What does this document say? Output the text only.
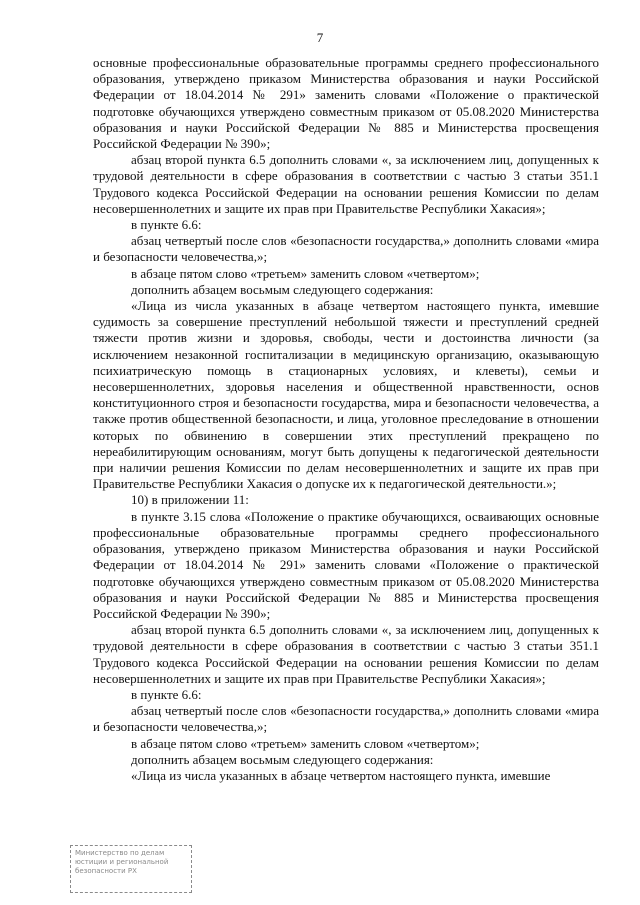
7

основные профессиональные образовательные программы среднего профессионального образования, утверждено приказом Министерства образования и науки Российской Федерации от 18.04.2014 № 291» заменить словами «Положение о практической подготовке обучающихся утверждено совместным приказом от 05.08.2020 Министерства образования и науки Российской Федерации № 885 и Министерства просвещения Российской Федерации № 390»;

абзац второй пункта 6.5 дополнить словами «, за исключением лиц, допущенных к трудовой деятельности в сфере образования в соответствии с частью 3 статьи 351.1 Трудового кодекса Российской Федерации на основании решения Комиссии по делам несовершеннолетних и защите их прав при Правительстве Республики Хакасия»;

в пункте 6.6:

абзац четвертый после слов «безопасности государства,» дополнить словами «мира и безопасности человечества,»;

в абзаце пятом слово «третьем» заменить словом «четвертом»;

дополнить абзацем восьмым следующего содержания:

«Лица из числа указанных в абзаце четвертом настоящего пункта, имевшие судимость за совершение преступлений небольшой тяжести и преступлений средней тяжести против жизни и здоровья, свободы, чести и достоинства личности (за исключением незаконной госпитализации в медицинскую организацию, оказывающую психиатрическую помощь в стационарных условиях, и клеветы), семьи и несовершеннолетних, здоровья населения и общественной нравственности, основ конституционного строя и безопасности государства, мира и безопасности человечества, а также против общественной безопасности, и лица, уголовное преследование в отношении которых по обвинению в совершении этих преступлений прекращено по нереабилитирующим основаниям, могут быть допущены к педагогической деятельности при наличии решения Комиссии по делам несовершеннолетних и защите их прав при Правительстве Республики Хакасия о допуске их к педагогической деятельности.»;

10) в приложении 11:

в пункте 3.15 слова «Положение о практике обучающихся, осваивающих основные профессиональные образовательные программы среднего профессионального образования, утверждено приказом Министерства образования и науки Российской Федерации от 18.04.2014 № 291» заменить словами «Положение о практической подготовке обучающихся утверждено совместным приказом от 05.08.2020 Министерства образования и науки Российской Федерации № 885 и Министерства просвещения Российской Федерации № 390»;

абзац второй пункта 6.5 дополнить словами «, за исключением лиц, допущенных к трудовой деятельности в сфере образования в соответствии с частью 3 статьи 351.1 Трудового кодекса Российской Федерации на основании решения Комиссии по делам несовершеннолетних и защите их прав при Правительстве Республики Хакасия»;

в пункте 6.6:

абзац четвертый после слов «безопасности государства,» дополнить словами «мира и безопасности человечества,»;

в абзаце пятом слово «третьем» заменить словом «четвертом»;

дополнить абзацем восьмым следующего содержания:

«Лица из числа указанных в абзаце четвертом настоящего пункта, имевшие

Министерство по делам
юстиции и региональной
безопасности РХ
